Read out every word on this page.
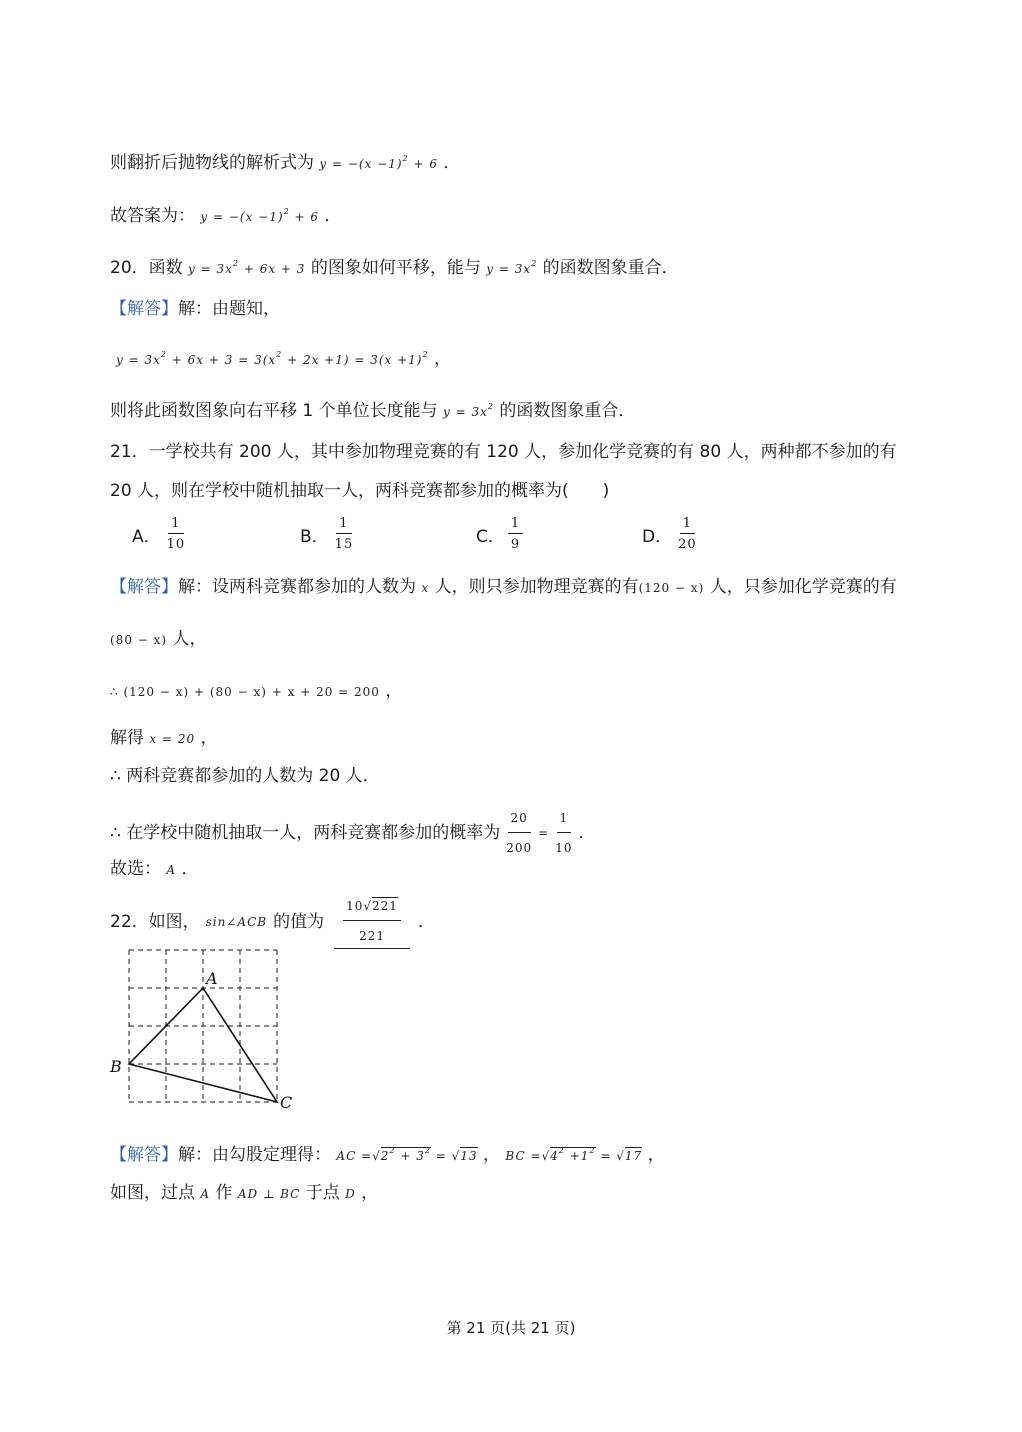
则翻折后抛物线的解析式为 $y = -(x -1)^2 + 6$ ．
故答案为： $y = -(x -1)^2 + 6$ ．
20．函数 $y = 3x^2 + 6x + 3$ 的图象如何平移，能与 $y = 3x^2$ 的函数图象重合．
【解答】解：由题知，
$y = 3x^2 + 6x + 3 = 3(x^2 + 2x +1) = 3(x +1)^2$ ，
则将此函数图象向右平移 1 个单位长度能与 $y = 3x^2$ 的函数图象重合．
21．一学校共有 200 人，其中参加物理竞赛的有 120 人，参加化学竞赛的有 80 人，两种都不参加的有
20 人，则在学校中随机抽取一人，两科竞赛都参加的概率为(　　)
A． $\frac{1}{10}$	B． $\frac{1}{15}$	C． $\frac{1}{9}$	D． $\frac{1}{20}$
【解答】解：设两科竞赛都参加的人数为 x 人，则只参加物理竞赛的有(120 − x) 人，只参加化学竞赛的有
(80 − x) 人，
∴ (120 − x) + (80 − x) + x + 20 = 200 ，
解得 x = 20 ，
∴ 两科竞赛都参加的人数为 20 人．
∴ 在学校中随机抽取一人，两科竞赛都参加的概率为 $\frac{20}{200} = \frac{1}{10}$ ．
故选： A ．
22． 如图， sin∠ACB 的值为 $\frac{10√221}{221}$ ．
A
B
C
【解答】解：由勾股定理得： AC $=√2^2 + 3^2 = √13$ ， BC $=√4^2 +1^2 = √17$ ，
如图，过点 A 作 AD ⊥ BC 于点 D ，
第 21 页(共 21 页)
